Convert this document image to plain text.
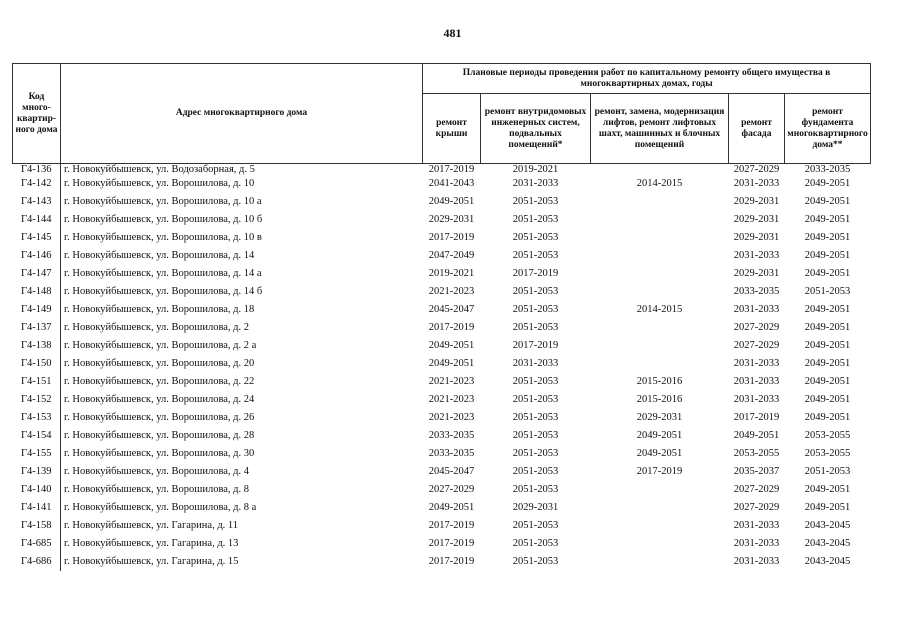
481
Код много-квартир-ного дома	Адрес многоквартирного дома	Плановые периоды проведения работ по капитальному ремонту общего имущества в многоквартирных домах, годы				
		ремонт крыши	ремонт внутридомовых инженерных систем, подвальных помещений*	ремонт, замена, модернизация лифтов, ремонт лифтовых шахт, машинных и блочных помещений	ремонт фасада	ремонт фундамента многоквартирного дома**
Г4-136	г. Новокуйбышевск, ул. Водозаборная, д. 5	2017-2019	2019-2021		2027-2029	2033-2035
Г4-142	г. Новокуйбышевск, ул. Ворошилова, д. 10	2041-2043	2031-2033	2014-2015	2031-2033	2049-2051
Г4-143	г. Новокуйбышевск, ул. Ворошилова, д. 10 а	2049-2051	2051-2053		2029-2031	2049-2051
Г4-144	г. Новокуйбышевск, ул. Ворошилова, д. 10 б	2029-2031	2051-2053		2029-2031	2049-2051
Г4-145	г. Новокуйбышевск, ул. Ворошилова, д. 10 в	2017-2019	2051-2053		2029-2031	2049-2051
Г4-146	г. Новокуйбышевск, ул. Ворошилова, д. 14	2047-2049	2051-2053		2031-2033	2049-2051
Г4-147	г. Новокуйбышевск, ул. Ворошилова, д. 14 а	2019-2021	2017-2019		2029-2031	2049-2051
Г4-148	г. Новокуйбышевск, ул. Ворошилова, д. 14 б	2021-2023	2051-2053		2033-2035	2051-2053
Г4-149	г. Новокуйбышевск, ул. Ворошилова, д. 18	2045-2047	2051-2053	2014-2015	2031-2033	2049-2051
Г4-137	г. Новокуйбышевск, ул. Ворошилова, д. 2	2017-2019	2051-2053		2027-2029	2049-2051
Г4-138	г. Новокуйбышевск, ул. Ворошилова, д. 2 а	2049-2051	2017-2019		2027-2029	2049-2051
Г4-150	г. Новокуйбышевск, ул. Ворошилова, д. 20	2049-2051	2031-2033		2031-2033	2049-2051
Г4-151	г. Новокуйбышевск, ул. Ворошилова, д. 22	2021-2023	2051-2053	2015-2016	2031-2033	2049-2051
Г4-152	г. Новокуйбышевск, ул. Ворошилова, д. 24	2021-2023	2051-2053	2015-2016	2031-2033	2049-2051
Г4-153	г. Новокуйбышевск, ул. Ворошилова, д. 26	2021-2023	2051-2053	2029-2031	2017-2019	2049-2051
Г4-154	г. Новокуйбышевск, ул. Ворошилова, д. 28	2033-2035	2051-2053	2049-2051	2049-2051	2053-2055
Г4-155	г. Новокуйбышевск, ул. Ворошилова, д. 30	2033-2035	2051-2053	2049-2051	2053-2055	2053-2055
Г4-139	г. Новокуйбышевск, ул. Ворошилова, д. 4	2045-2047	2051-2053	2017-2019	2035-2037	2051-2053
Г4-140	г. Новокуйбышевск, ул. Ворошилова, д. 8	2027-2029	2051-2053		2027-2029	2049-2051
Г4-141	г. Новокуйбышевск, ул. Ворошилова, д. 8 а	2049-2051	2029-2031		2027-2029	2049-2051
Г4-158	г. Новокуйбышевск, ул. Гагарина, д. 11	2017-2019	2051-2053		2031-2033	2043-2045
Г4-685	г. Новокуйбышевск, ул. Гагарина, д. 13	2017-2019	2051-2053		2031-2033	2043-2045
Г4-686	г. Новокуйбышевск, ул. Гагарина, д. 15	2017-2019	2051-2053		2031-2033	2043-2045
